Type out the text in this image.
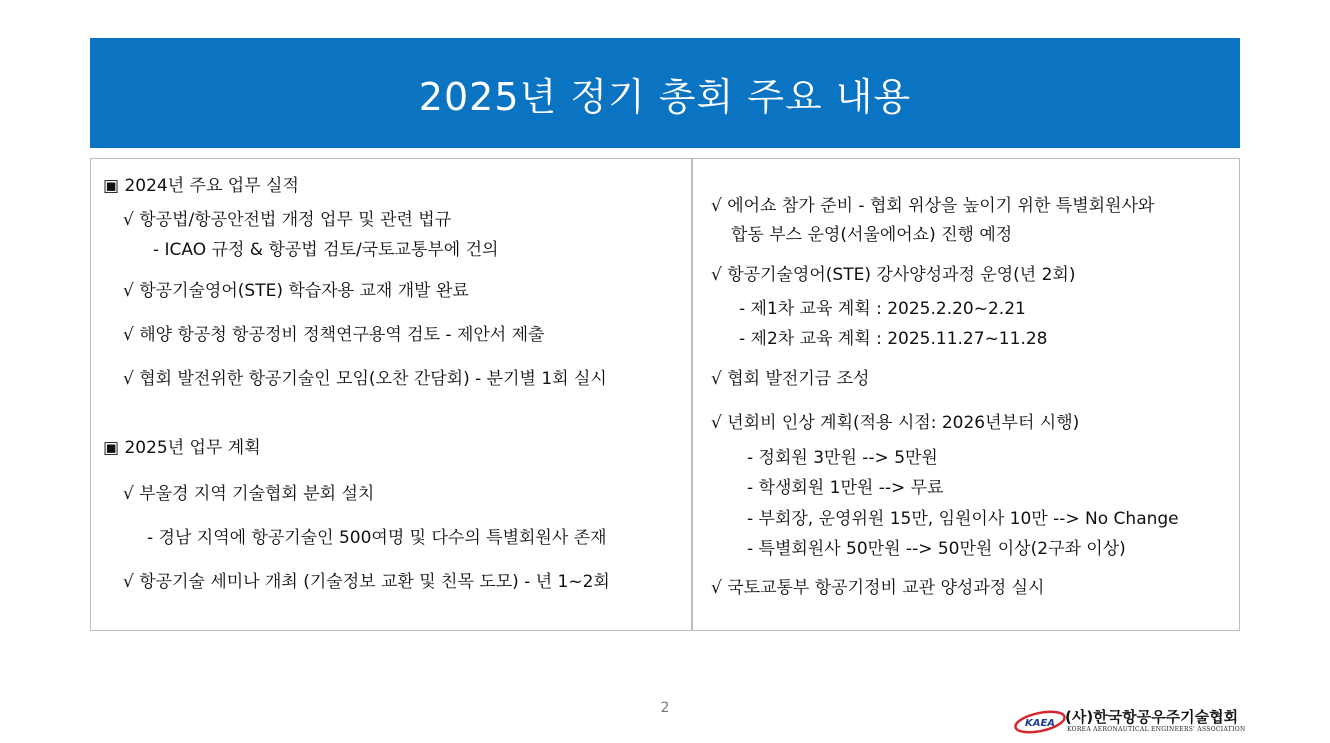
2025년 정기 총회 주요 내용
▣ 2024년 주요 업무 실적
√ 항공법/항공안전법 개정 업무 및 관련 법규
- ICAO 규정 & 항공법 검토/국토교통부에 건의
√ 항공기술영어(STE) 학습자용 교재 개발 완료
√ 해양 항공청 항공정비 정책연구용역 검토 - 제안서 제출
√ 협회 발전위한 항공기술인 모임(오찬 간담회) - 분기별 1회 실시
▣ 2025년 업무 계획
√ 부울경 지역 기술협회 분회 설치
- 경남 지역에 항공기술인 500여명 및 다수의 특별회원사 존재
√ 항공기술 세미나 개최 (기술정보 교환 및 친목 도모) - 년 1~2회
√ 에어쇼 참가 준비 - 협회 위상을 높이기 위한 특별회원사와
합동 부스 운영(서울에어쇼) 진행 예정
√ 항공기술영어(STE) 강사양성과정 운영(년 2회)
- 제1차 교육 계획 : 2025.2.20~2.21
- 제2차 교육 계획 : 2025.11.27~11.28
√ 협회 발전기금 조성
√ 년회비 인상 계획(적용 시점: 2026년부터 시행)
- 정회원 3만원 --> 5만원
- 학생회원 1만원 --> 무료
- 부회장, 운영위원 15만, 임원이사 10만 --> No Change
- 특별회원사 50만원 --> 50만원 이상(2구좌 이상)
√ 국토교통부 항공기정비 교관 양성과정 실시
2
KAEA (사)한국항공우주기술협회
KOREA AERONAUTICAL ENGINEERS' ASSOCIATION
